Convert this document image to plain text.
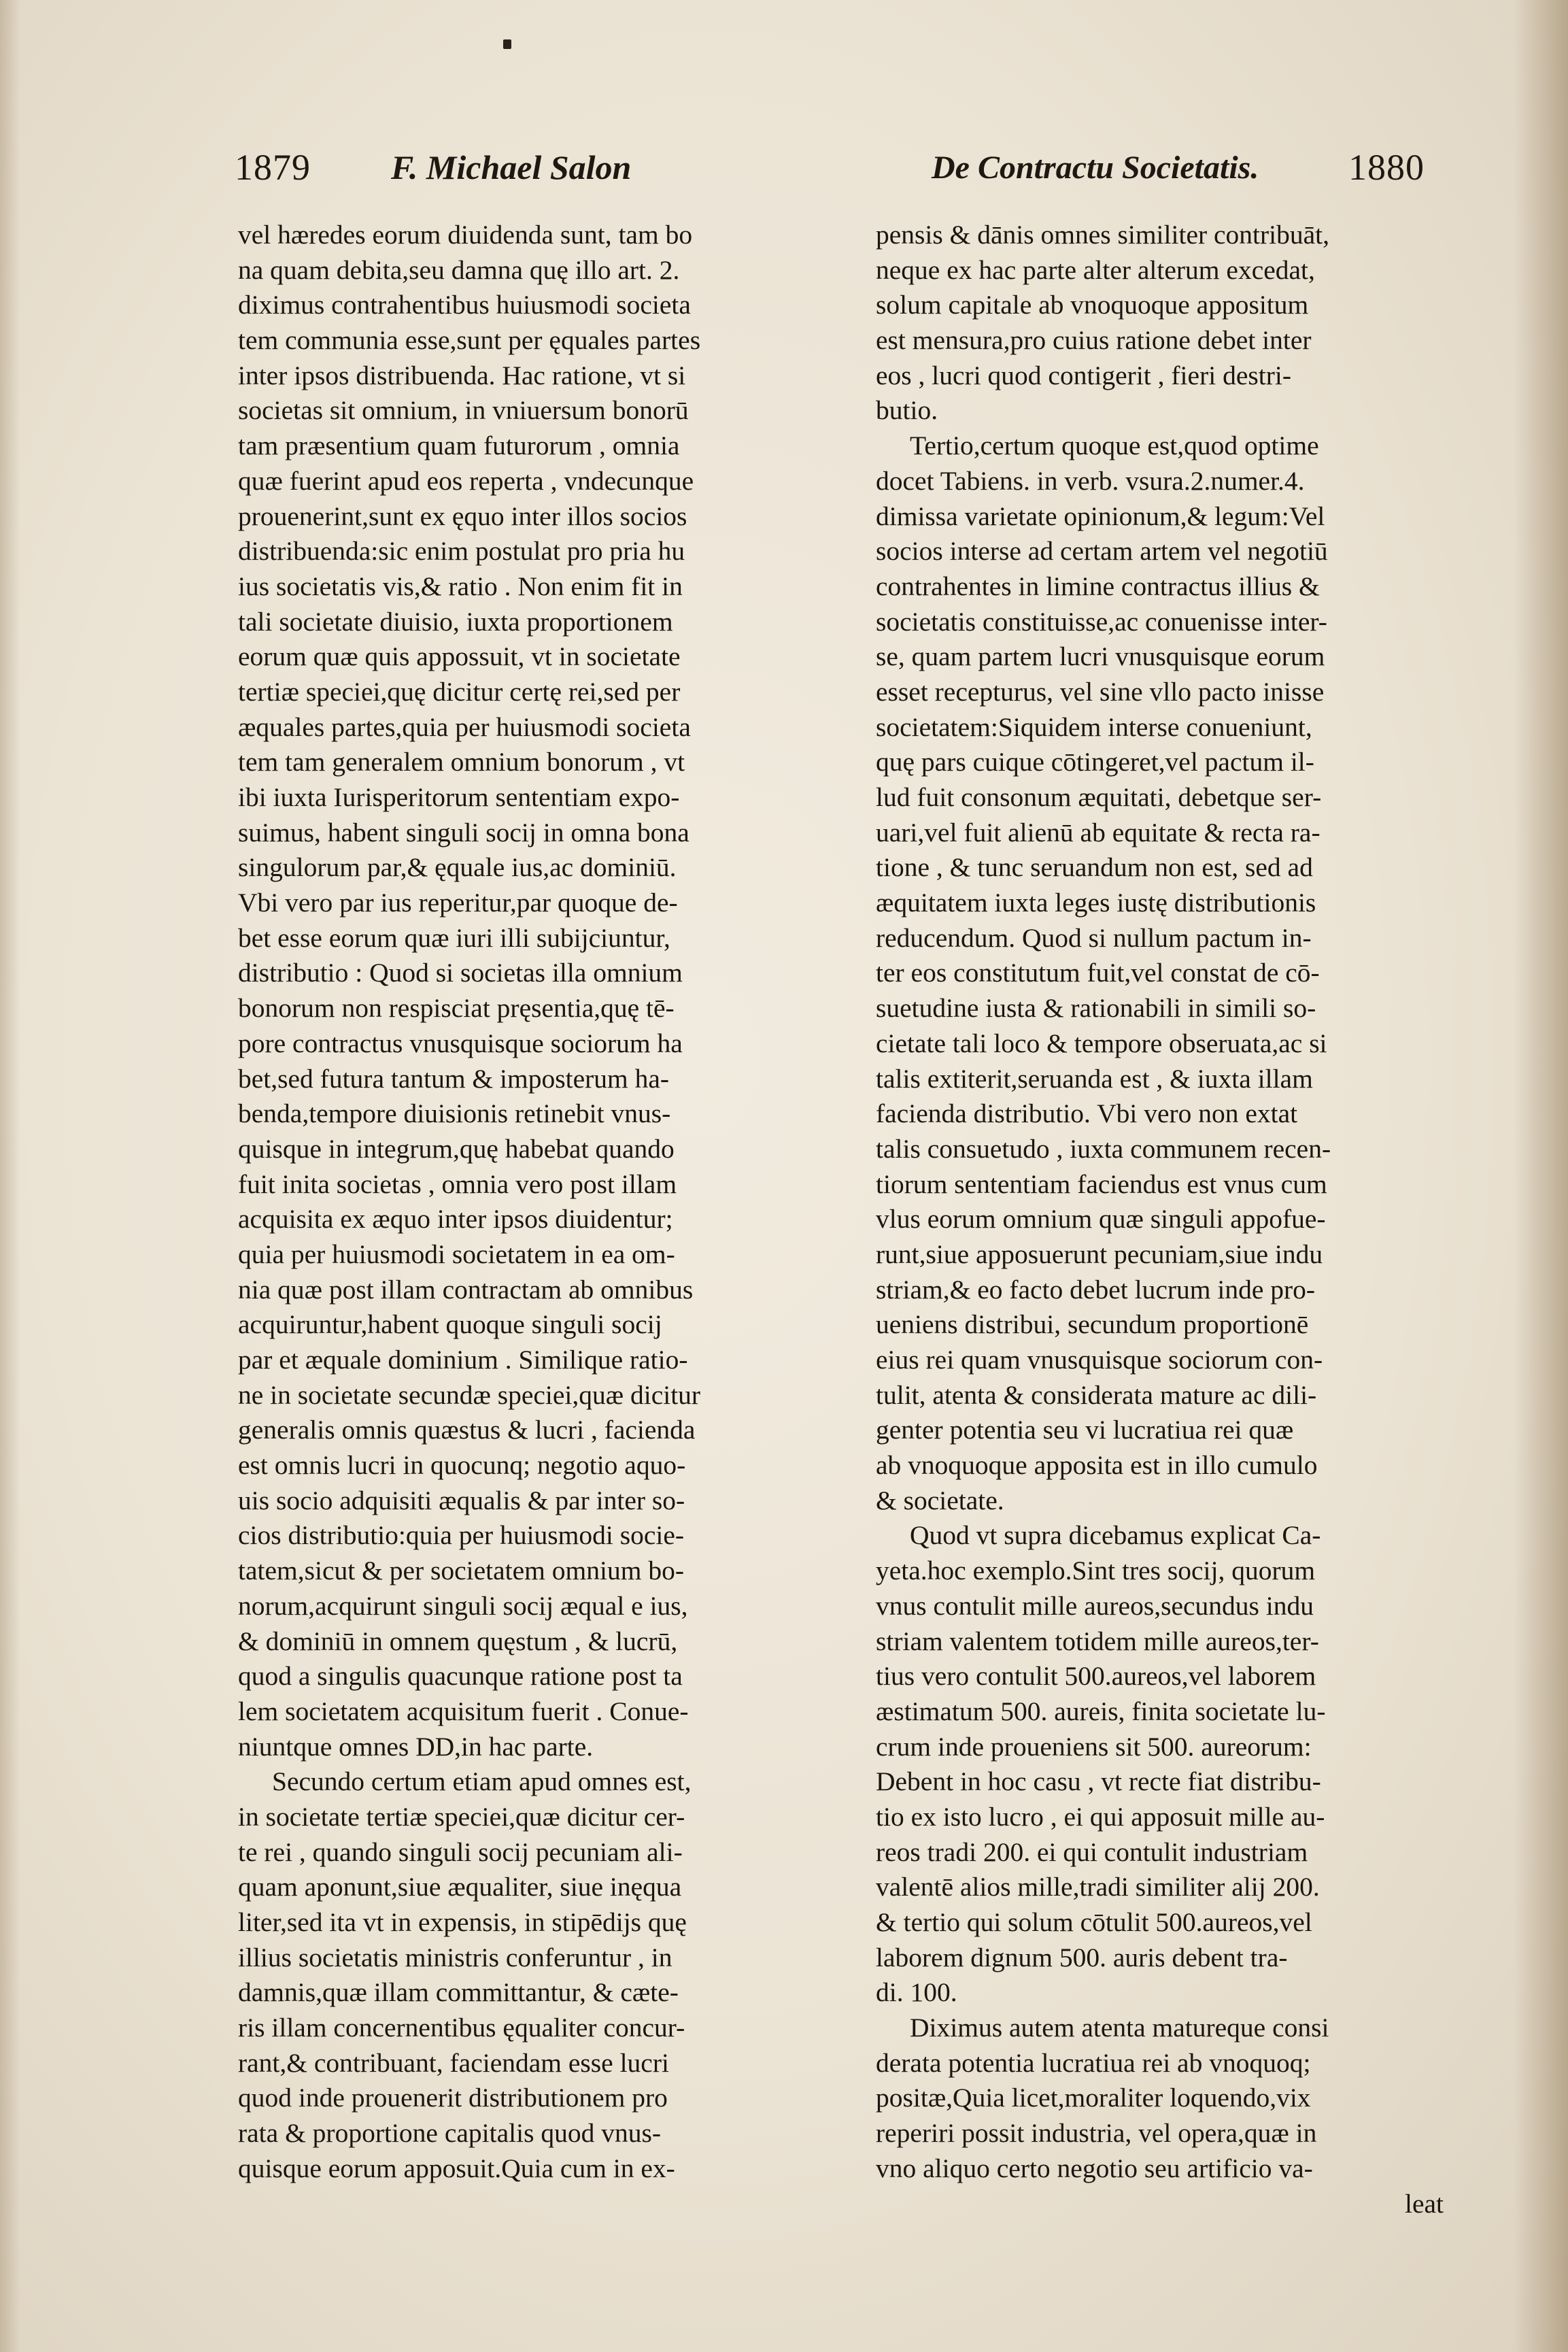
1879 F. Michael Salon	De Contractu Societatis. 1880
vel hæredes eorum diuidenda sunt, tam bo
na quam debita,seu damna quę illo art. 2.
diximus contrahentibus huiusmodi societa
tem communia esse,sunt per ęquales partes
inter ipsos distribuenda. Hac ratione, vt si
societas sit omnium, in vniuersum bonorū
tam præsentium quam futurorum , omnia
quæ fuerint apud eos reperta , vndecunque
prouenerint,sunt ex ęquo inter illos socios
distribuenda:sic enim postulat pro pria hu
ius societatis vis,& ratio . Non enim fit in
tali societate diuisio, iuxta proportionem
eorum quæ quis appossuit, vt in societate
tertiæ speciei,quę dicitur certę rei,sed per
æquales partes,quia per huiusmodi societa
tem tam generalem omnium bonorum , vt
ibi iuxta Iurisperitorum sententiam expo-
suimus, habent singuli socij in omna bona
singulorum par,& ęquale ius,ac dominiū.
Vbi vero par ius reperitur,par quoque de-
bet esse eorum quæ iuri illi subijciuntur,
distributio : Quod si societas illa omnium
bonorum non respisciat pręsentia,quę tē-
pore contractus vnusquisque sociorum ha
bet,sed futura tantum & imposterum ha-
benda,tempore diuisionis retinebit vnus-
quisque in integrum,quę habebat quando
fuit inita societas , omnia vero post illam
acquisita ex æquo inter ipsos diuidentur;
quia per huiusmodi societatem in ea om-
nia quæ post illam contractam ab omnibus
acquiruntur,habent quoque singuli socij
par et æquale dominium . Similique ratio-
ne in societate secundæ speciei,quæ dicitur
generalis omnis quæstus & lucri , facienda
est omnis lucri in quocunq; negotio aquo-
uis socio adquisiti æqualis & par inter so-
cios distributio:quia per huiusmodi socie-
tatem,sicut & per societatem omnium bo-
norum,acquirunt singuli socij æqual e ius,
& dominiū in omnem quęstum , & lucrū,
quod a singulis quacunque ratione post ta
lem societatem acquisitum fuerit . Conue-
niuntque omnes DD,in hac parte.
Secundo certum etiam apud omnes est,
in societate tertiæ speciei,quæ dicitur cer-
te rei , quando singuli socij pecuniam ali-
quam aponunt,siue æqualiter, siue inęqua
liter,sed ita vt in expensis, in stipēdijs quę
illius societatis ministris conferuntur , in
damnis,quæ illam committantur, & cæte-
ris illam concernentibus ęqualiter concur-
rant,& contribuant, faciendam esse lucri
quod inde prouenerit distributionem pro
rata & proportione capitalis quod vnus-
quisque eorum apposuit.Quia cum in ex-
pensis & dānis omnes similiter contribuāt,
neque ex hac parte alter alterum excedat,
solum capitale ab vnoquoque appositum
est mensura,pro cuius ratione debet inter
eos , lucri quod contigerit , fieri destri-
butio.
Tertio,certum quoque est,quod optime
docet Tabiens. in verb. vsura.2.numer.4.
dimissa varietate opinionum,& legum:Vel
socios interse ad certam artem vel negotiū
contrahentes in limine contractus illius &
societatis constituisse,ac conuenisse inter-
se, quam partem lucri vnusquisque eorum
esset recepturus, vel sine vllo pacto inisse
societatem:Siquidem interse conueniunt,
quę pars cuique cōtingeret,vel pactum il-
lud fuit consonum æquitati, debetque ser-
uari,vel fuit alienū ab equitate & recta ra-
tione , & tunc seruandum non est, sed ad
æquitatem iuxta leges iustę distributionis
reducendum. Quod si nullum pactum in-
ter eos constitutum fuit,vel constat de cō-
suetudine iusta & rationabili in simili so-
cietate tali loco & tempore obseruata,ac si
talis extiterit,seruanda est , & iuxta illam
facienda distributio. Vbi vero non extat
talis consuetudo , iuxta communem recen-
tiorum sententiam faciendus est vnus cum
vlus eorum omnium quæ singuli appofue-
runt,siue apposuerunt pecuniam,siue indu
striam,& eo facto debet lucrum inde pro-
ueniens distribui, secundum proportionē
eius rei quam vnusquisque sociorum con-
tulit, atenta & considerata mature ac dili-
genter potentia seu vi lucratiua rei quæ
ab vnoquoque apposita est in illo cumulo
& societate.
Quod vt supra dicebamus explicat Ca-
yeta.hoc exemplo.Sint tres socij, quorum
vnus contulit mille aureos,secundus indu
striam valentem totidem mille aureos,ter-
tius vero contulit 500.aureos,vel laborem
æstimatum 500. aureis, finita societate lu-
crum inde proueniens sit 500. aureorum:
Debent in hoc casu , vt recte fiat distribu-
tio ex isto lucro , ei qui apposuit mille au-
reos tradi 200. ei qui contulit industriam
valentē alios mille,tradi similiter alij 200.
& tertio qui solum cōtulit 500.aureos,vel
laborem dignum 500. auris debent tra-
di. 100.
Diximus autem atenta matureque consi
derata potentia lucratiua rei ab vnoquoq;
positæ,Quia licet,moraliter loquendo,vix
reperiri possit industria, vel opera,quæ in
vno aliquo certo negotio seu artificio va-
leat
